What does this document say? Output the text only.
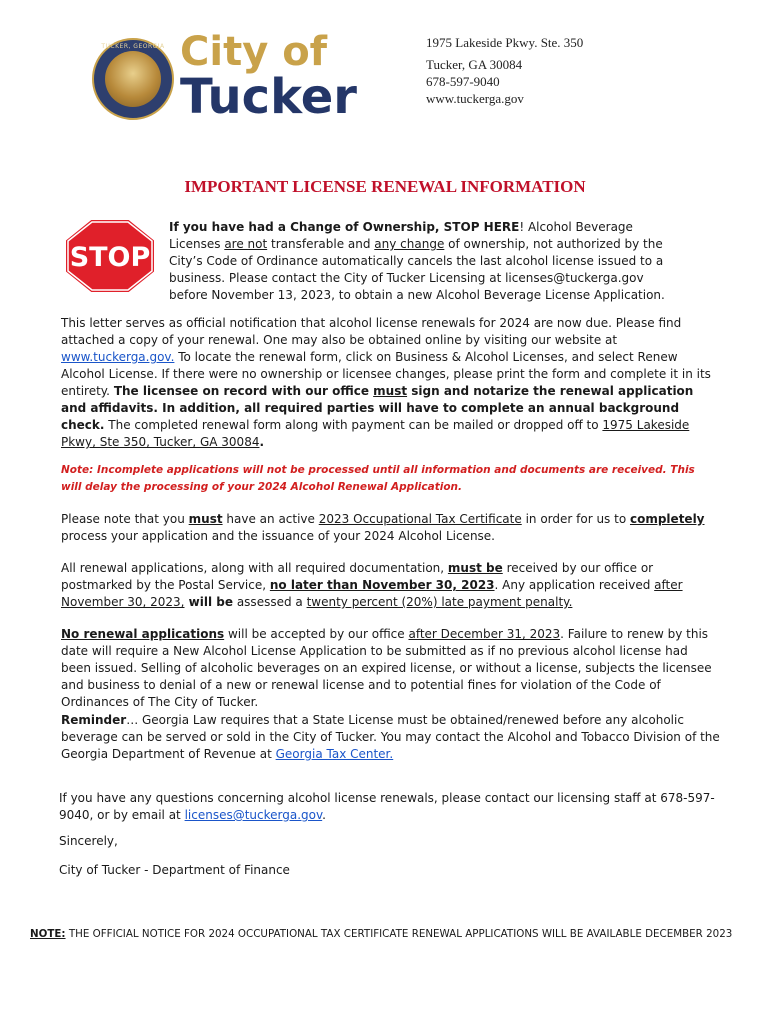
TUCKER, GEORGIA City of
Tucker
1975 Lakeside Pkwy. Ste. 350
Tucker, GA 30084
678-597-9040
www.tuckerga.gov
IMPORTANT LICENSE RENEWAL INFORMATION
STOP
If you have had a Change of Ownership, STOP HERE! Alcohol Beverage Licenses are not transferable and any change of ownership, not authorized by the City’s Code of Ordinance automatically cancels the last alcohol license issued to a business. Please contact the City of Tucker Licensing at licenses@tuckerga.gov before November 13, 2023, to obtain a new Alcohol Beverage License Application.
This letter serves as official notification that alcohol license renewals for 2024 are now due. Please find attached a copy of your renewal. One may also be obtained online by visiting our website at www.tuckerga.gov. To locate the renewal form, click on Business & Alcohol Licenses, and select Renew Alcohol License. If there were no ownership or licensee changes, please print the form and complete it in its entirety. The licensee on record with our office must sign and notarize the renewal application and affidavits. In addition, all required parties will have to complete an annual background check. The completed renewal form along with payment can be mailed or dropped off to 1975 Lakeside Pkwy, Ste 350, Tucker, GA 30084.
Note: Incomplete applications will not be processed until all information and documents are received. This will delay the processing of your 2024 Alcohol Renewal Application.
Please note that you must have an active 2023 Occupational Tax Certificate in order for us to completely process your application and the issuance of your 2024 Alcohol License.
All renewal applications, along with all required documentation, must be received by our office or postmarked by the Postal Service, no later than November 30, 2023. Any application received after November 30, 2023, will be assessed a twenty percent (20%) late payment penalty.
No renewal applications will be accepted by our office after December 31, 2023. Failure to renew by this date will require a New Alcohol License Application to be submitted as if no previous alcohol license had been issued. Selling of alcoholic beverages on an expired license, or without a license, subjects the licensee and business to denial of a new or renewal license and to potential fines for violation of the Code of Ordinances of The City of Tucker.
Reminder… Georgia Law requires that a State License must be obtained/renewed before any alcoholic beverage can be served or sold in the City of Tucker. You may contact the Alcohol and Tobacco Division of the Georgia Department of Revenue at Georgia Tax Center.
If you have any questions concerning alcohol license renewals, please contact our licensing staff at 678-597-9040, or by email at licenses@tuckerga.gov.
Sincerely,
City of Tucker - Department of Finance
NOTE: THE OFFICIAL NOTICE FOR 2024 OCCUPATIONAL TAX CERTIFICATE RENEWAL APPLICATIONS WILL BE AVAILABLE DECEMBER 2023
